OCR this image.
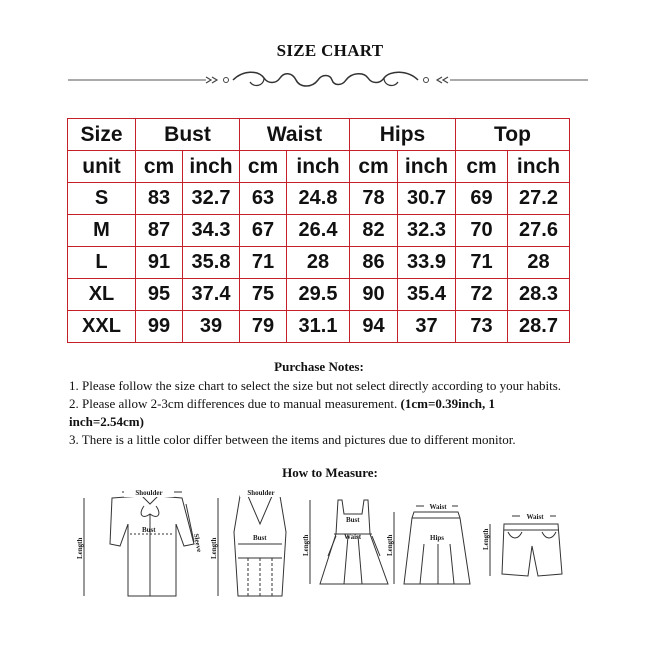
SIZE CHART
Size	Bust		Waist		Hips		Top	
unit	cm	inch	cm	inch	cm	inch	cm	inch
S	83	32.7	63	24.8	78	30.7	69	27.2
M	87	34.3	67	26.4	82	32.3	70	27.6
L	91	35.8	71	28	86	33.9	71	28
XL	95	37.4	75	29.5	90	35.4	72	28.3
XXL	99	39	79	31.1	94	37	73	28.7
Purchase Notes:
1. Please follow the size chart to select the size but not select directly according to your habits.
2. Please allow 2-3cm differences due to manual measurement. (1cm=0.39inch, 1 inch=2.54cm)
3. There is a little color differ between the items and pictures due to different monitor.
How to Measure:
Shoulder
Bust
Sleeve
Length
Shoulder
Bust
Length
Bust
Waist
Length
Waist
Hips
Length
Waist
Length
